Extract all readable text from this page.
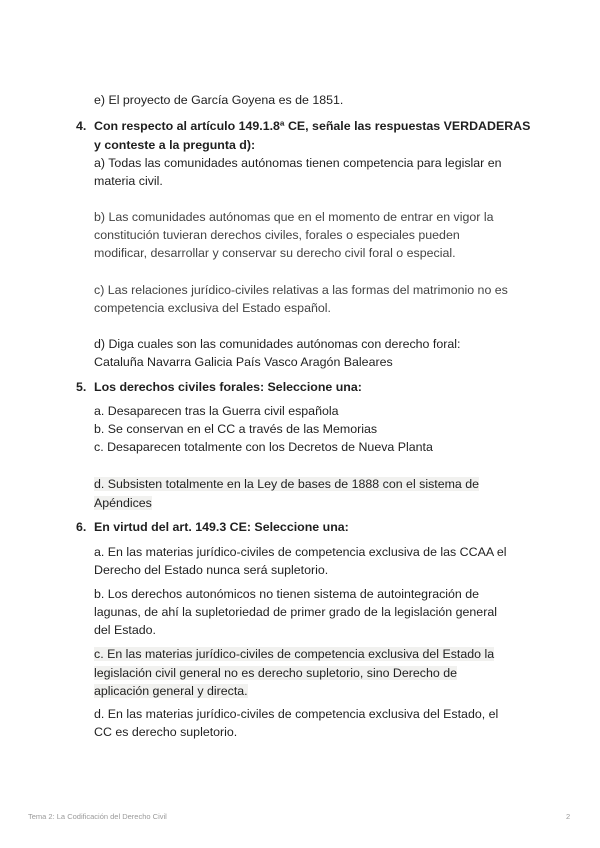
e) El proyecto de García Goyena es de 1851.
4. Con respecto al artículo 149.1.8ª CE, señale las respuestas VERDADERAS
y conteste a la pregunta d):
a) Todas las comunidades autónomas tienen competencia para legislar en
materia civil.
b) Las comunidades autónomas que en el momento de entrar en vigor la
constitución tuvieran derechos civiles, forales o especiales pueden
modificar, desarrollar y conservar su derecho civil foral o especial.
c) Las relaciones jurídico-civiles relativas a las formas del matrimonio no es
competencia exclusiva del Estado español.
d) Diga cuales son las comunidades autónomas con derecho foral:
Cataluña Navarra Galicia País Vasco Aragón Baleares
5. Los derechos civiles forales: Seleccione una:
a. Desaparecen tras la Guerra civil española
b. Se conservan en el CC a través de las Memorias
c. Desaparecen totalmente con los Decretos de Nueva Planta
d. Subsisten totalmente en la Ley de bases de 1888 con el sistema de
Apéndices
6. En virtud del art. 149.3 CE: Seleccione una:
a. En las materias jurídico-civiles de competencia exclusiva de las CCAA el
Derecho del Estado nunca será supletorio.
b. Los derechos autonómicos no tienen sistema de autointegración de
lagunas, de ahí la supletoriedad de primer grado de la legislación general
del Estado.
c. En las materias jurídico-civiles de competencia exclusiva del Estado la
legislación civil general no es derecho supletorio, sino Derecho de
aplicación general y directa.
d. En las materias jurídico-civiles de competencia exclusiva del Estado, el
CC es derecho supletorio.
Tema 2: La Codificación del Derecho Civil	2
